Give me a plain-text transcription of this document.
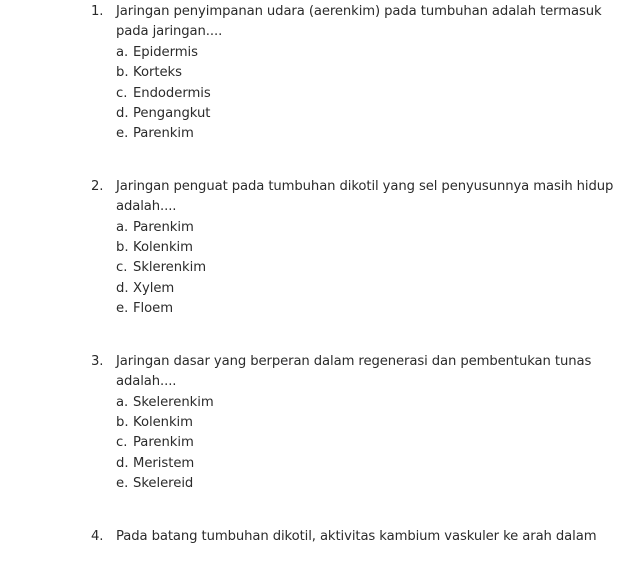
1. Jaringan penyimpanan udara (aerenkim) pada tumbuhan adalah termasuk
pada jaringan....
a. Epidermis
b. Korteks
c. Endodermis
d. Pengangkut
e. Parenkim
2. Jaringan penguat pada tumbuhan dikotil yang sel penyusunnya masih hidup
adalah....
a. Parenkim
b. Kolenkim
c. Sklerenkim
d. Xylem
e. Floem
3. Jaringan dasar yang berperan dalam regenerasi dan pembentukan tunas
adalah....
a. Skelerenkim
b. Kolenkim
c. Parenkim
d. Meristem
e. Skelereid
4. Pada batang tumbuhan dikotil, aktivitas kambium vaskuler ke arah dalam
